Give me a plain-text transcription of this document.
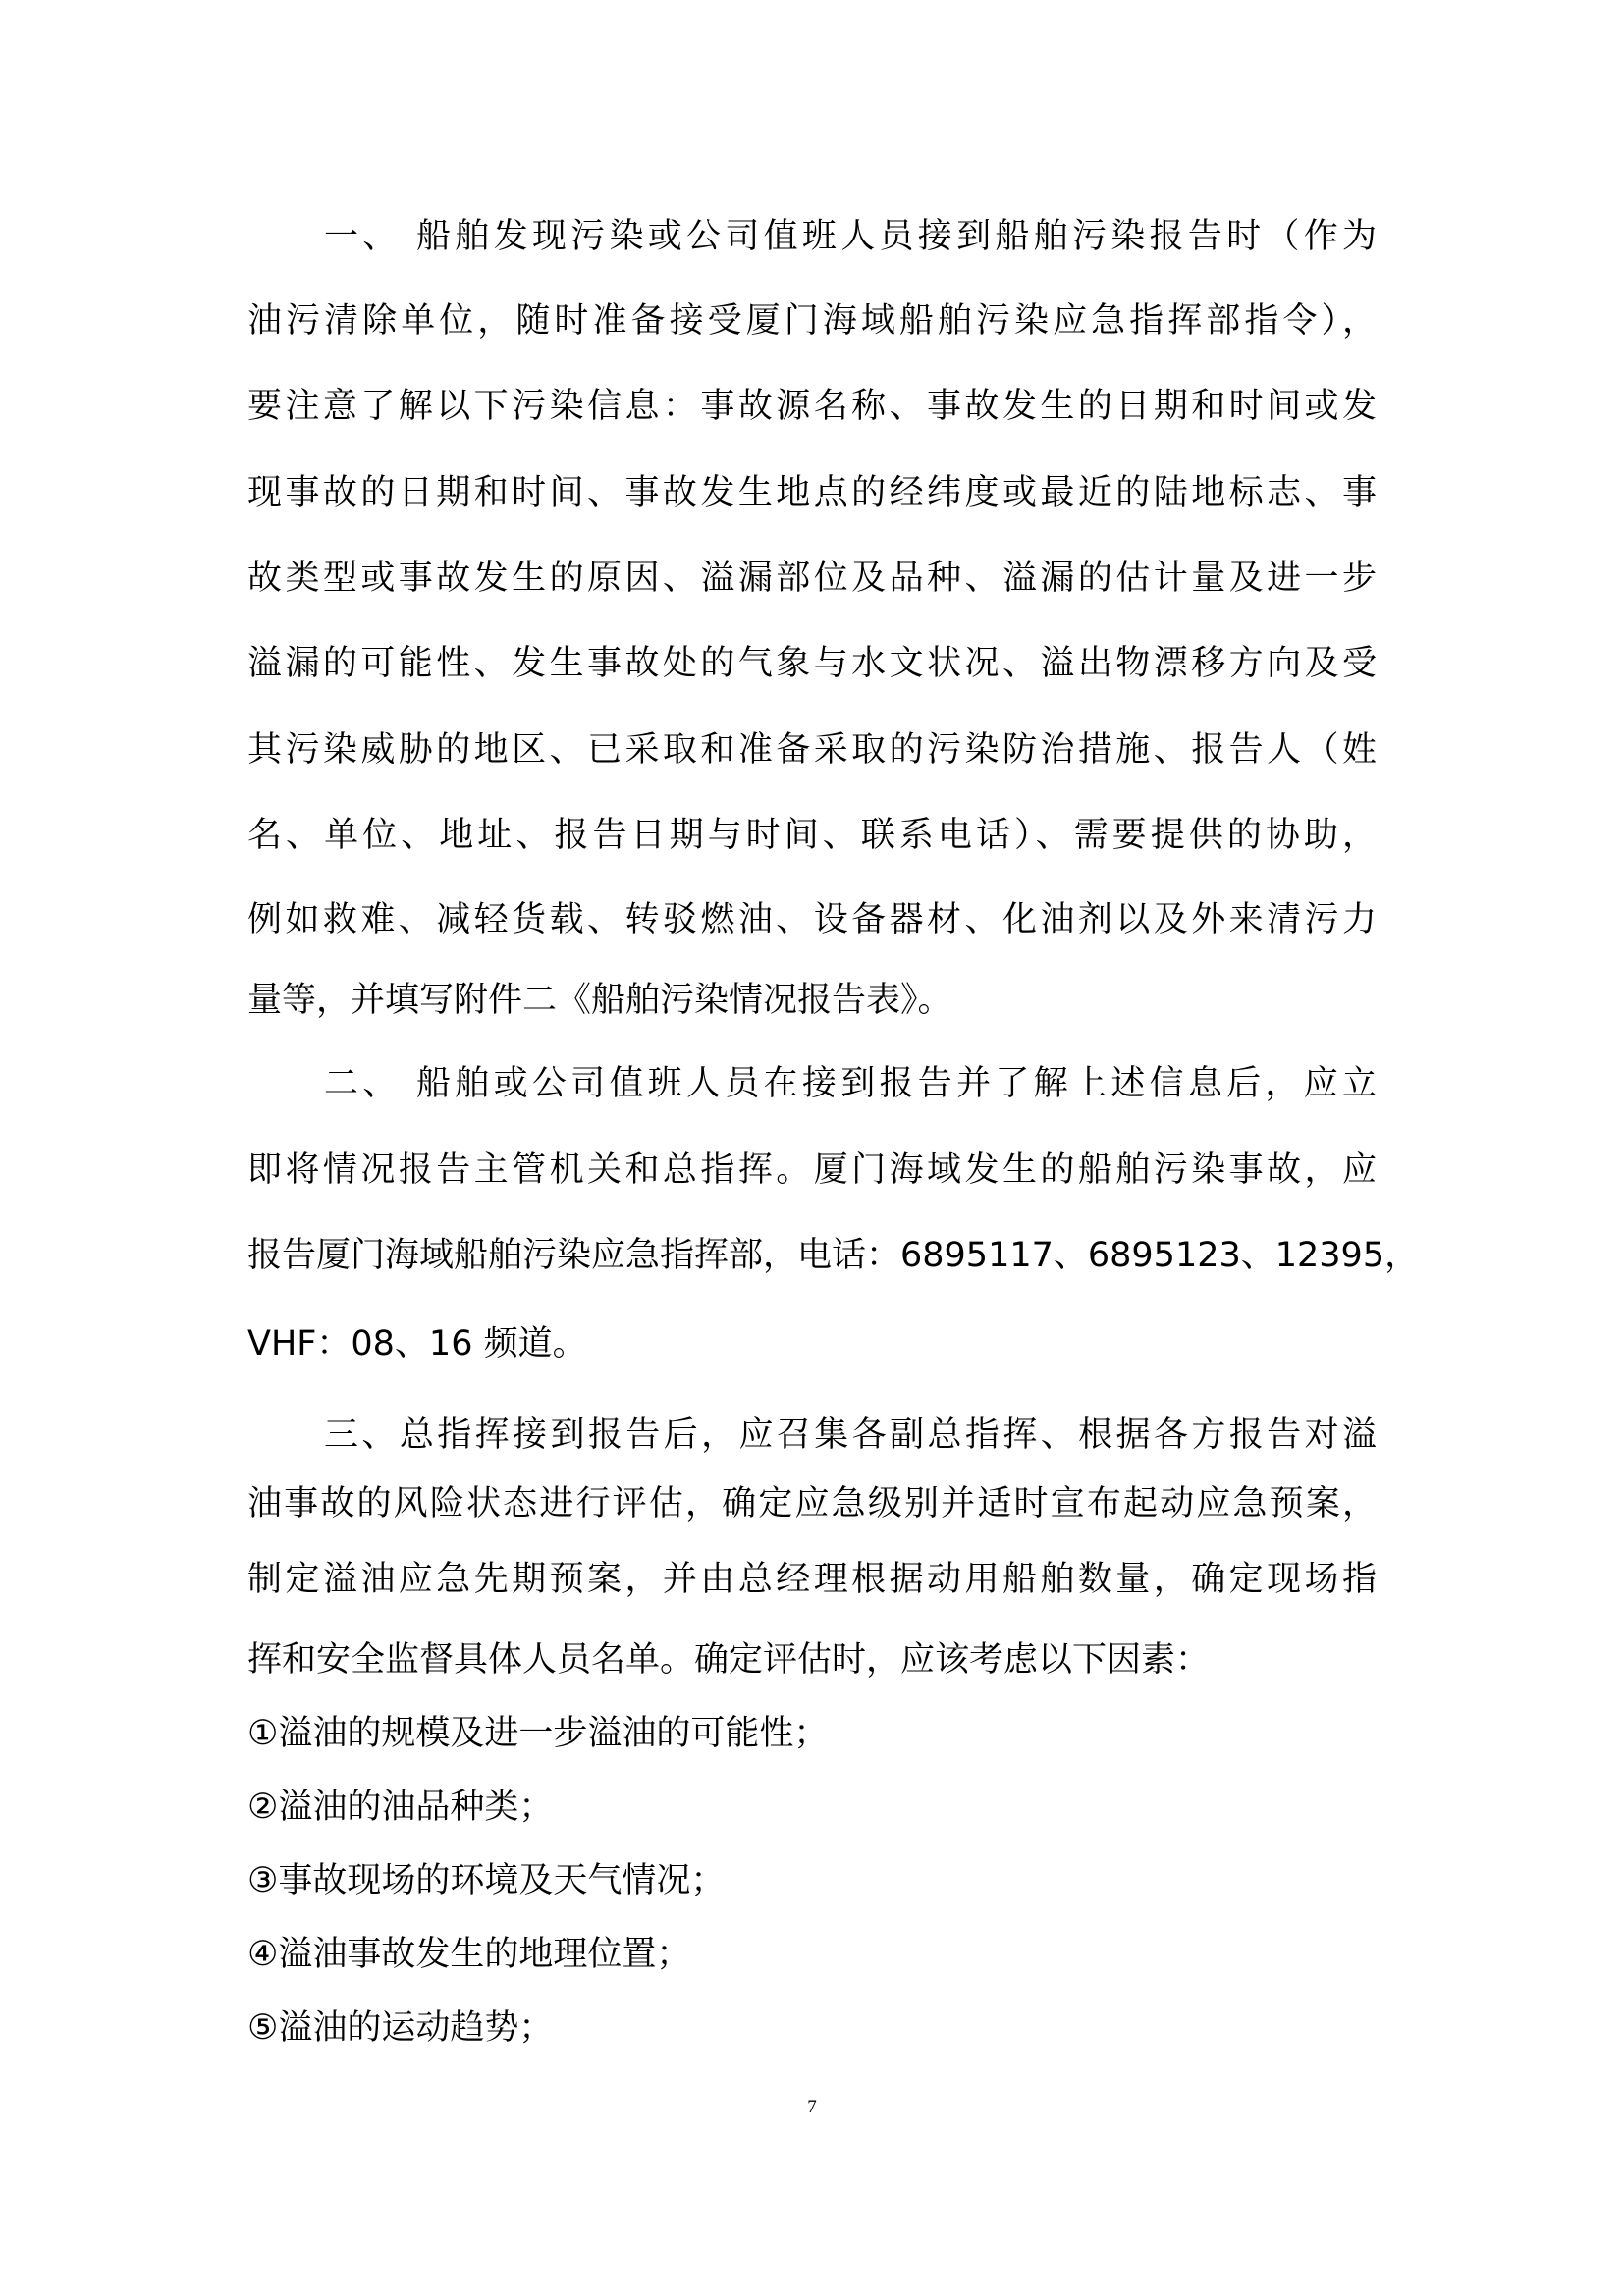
一、 船舶发现污染或公司值班人员接到船舶污染报告时（作为
油污清除单位，随时准备接受厦门海域船舶污染应急指挥部指令），
要注意了解以下污染信息：事故源名称、事故发生的日期和时间或发
现事故的日期和时间、事故发生地点的经纬度或最近的陆地标志、事
故类型或事故发生的原因、溢漏部位及品种、溢漏的估计量及进一步
溢漏的可能性、发生事故处的气象与水文状况、溢出物漂移方向及受
其污染威胁的地区、已采取和准备采取的污染防治措施、报告人（姓
名、单位、地址、报告日期与时间、联系电话）、需要提供的协助，
例如救难、减轻货载、转驳燃油、设备器材、化油剂以及外来清污力
量等，并填写附件二《船舶污染情况报告表》。
二、 船舶或公司值班人员在接到报告并了解上述信息后，应立
即将情况报告主管机关和总指挥。厦门海域发生的船舶污染事故，应
报告厦门海域船舶污染应急指挥部，电话：6895117、6895123、12395，
VHF：08、16 频道。
三、总指挥接到报告后，应召集各副总指挥、根据各方报告对溢
油事故的风险状态进行评估，确定应急级别并适时宣布起动应急预案，
制定溢油应急先期预案，并由总经理根据动用船舶数量，确定现场指
挥和安全监督具体人员名单。确定评估时，应该考虑以下因素：
①溢油的规模及进一步溢油的可能性；
②溢油的油品种类；
③事故现场的环境及天气情况；
④溢油事故发生的地理位置；
⑤溢油的运动趋势；
7
